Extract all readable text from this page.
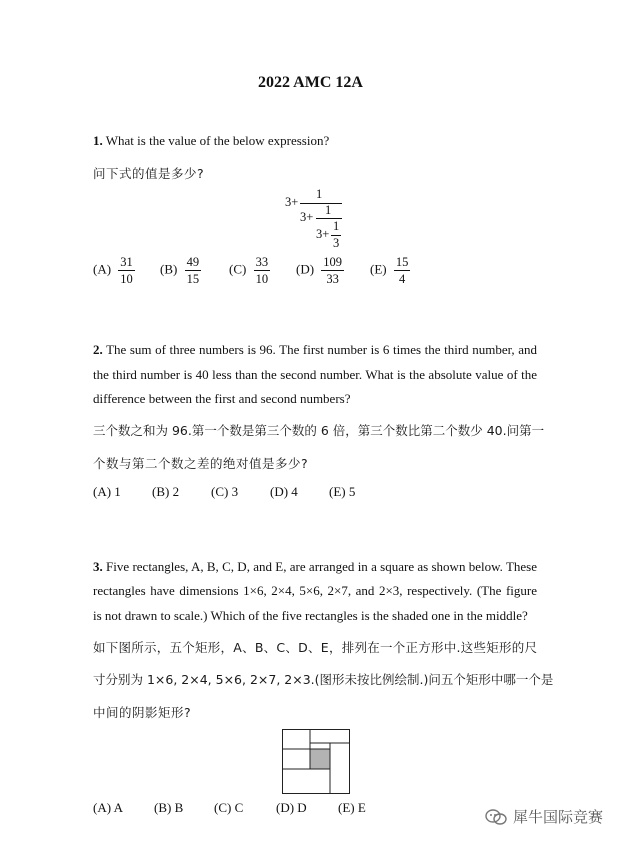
2022 AMC 12A
1. What is the value of the below expression?
问下式的值是多少?
3+
1
3+ 1
3+
1
3
$(A) \frac{31}{10} (B) \frac{49}{15} (C) \frac{33}{10} (D) \frac{109}{33} (E) \frac{15}{4}$
2. The sum of three numbers is 96. The first number is 6 times the third number, and
the third number is 40 less than the second number. What is the absolute value of the
difference between the first and second numbers?
三个数之和为 96.第一个数是第三个数的 6 倍，第三个数比第二个数少 40.问第一
个数与第二个数之差的绝对值是多少?
(A) 1 (B) 2 (C) 3 (D) 4 (E) 5
3. Five rectangles, A, B, C, D, and E, are arranged in a square as shown below. These
rectangles have dimensions 1×6, 2×4, 5×6, 2×7, and 2×3, respectively. (The figure
is not drawn to scale.) Which of the five rectangles is the shaded one in the middle?
如下图所示，五个矩形，A、B、C、D、E，排列在一个正方形中.这些矩形的尺
寸分别为 1×6, 2×4, 5×6, 2×7, 2×3.(图形未按比例绘制.)问五个矩形中哪一个是
中间的阴影矩形?
(A) A (B) B (C) C	(D) D (E) E
犀牛国际竞赛
